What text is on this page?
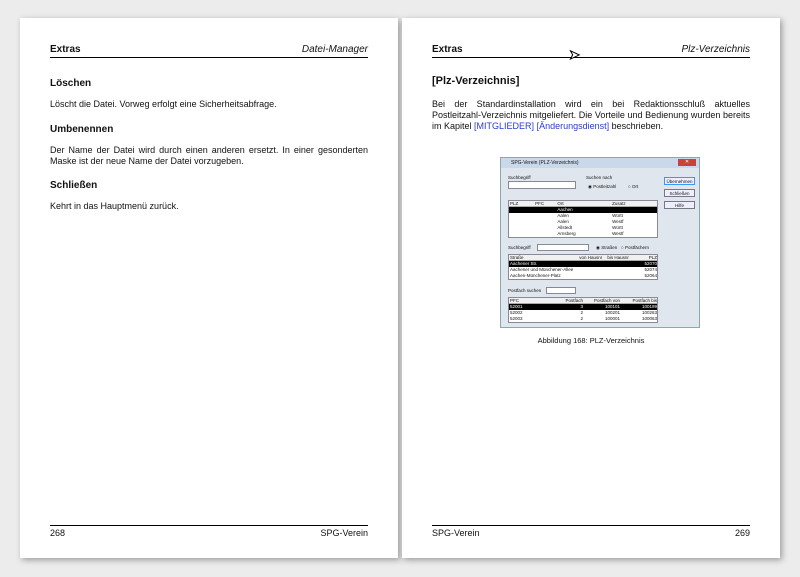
Extras	Datei-Manager
Löschen
Löscht die Datei. Vorweg erfolgt eine Sicherheitsabfrage.
Umbenennen
Der Name der Datei wird durch einen anderen ersetzt. In einer gesonderten Maske ist der neue Name der Datei vorzugeben.
Schließen
Kehrt in das Hauptmenü zurück.
268	SPG-Verein
Extras	Plz-Verzeichnis
[Plz-Verzeichnis]
Bei der Standardinstallation wird ein bei Redaktionsschluß aktuelles Postleitzahl-Verzeichnis mitgeliefert. Die Vorteile und Bedienung wurden bereits im Kapitel [MITGLIEDER] [Änderungsdienst] beschrieben.
SPG-Verein (PLZ-Verzeichnis)	✕
Suchbegriff	Suchen nach
◉ Postleitzahl	○ Ort
Übernehmen
Schließen
Hilfe
PLZ	PFC	Ort	Zusatz
Aachen
Aalen	Württ
Aalen	Westf
Allstedt	Württ
Arnsberg	Westf
Suchbegriff	◉ Straßen ○ Postfächern
Straße	von Hausnr	bis Hausnr	PLZ
Aachener Str.	52070
Aachener und Münchener-Allee	52074
Aachen-Münchener-Platz	52064
Postfach suchen
PFC	Postfach	Postfach von	Postfach bis
52001	3	100101	100199
52002	2	100201	100263
52003	2	100001	100063
Abbildung 168: PLZ-Verzeichnis
SPG-Verein	269
➤
